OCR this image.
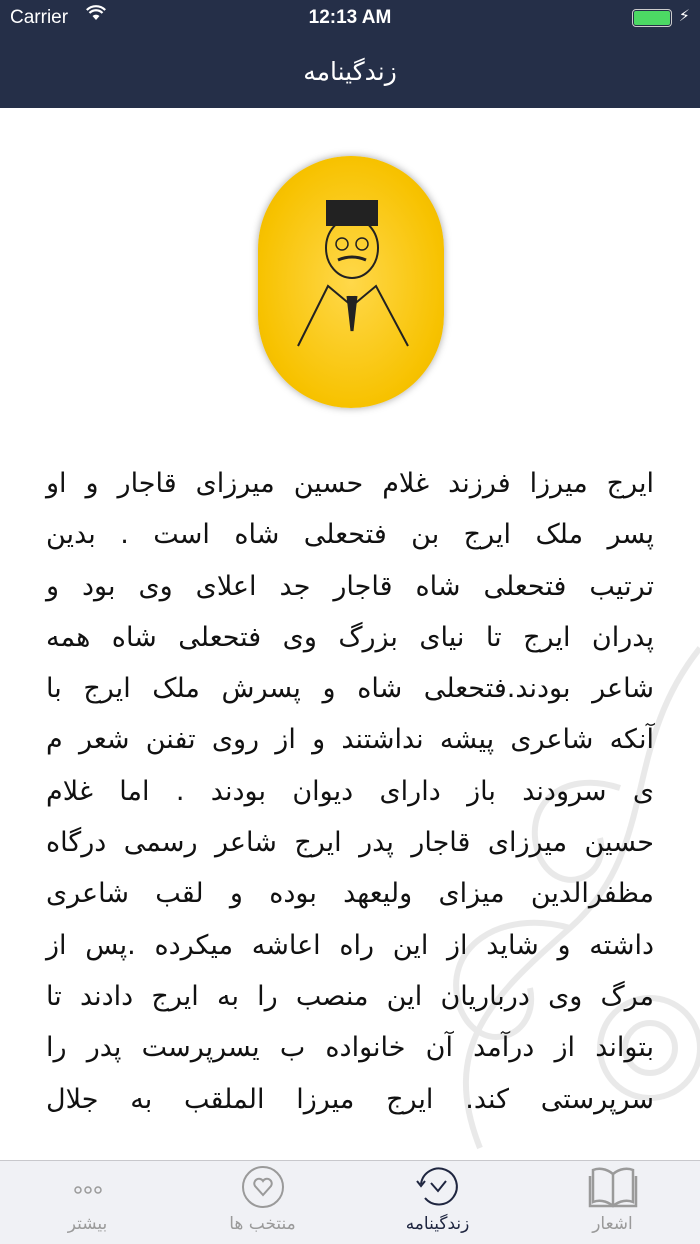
Carrier	12:13 AM	⚡︎
زندگینامه
ایرج میرزا فرزند غلام حسین میرزای قاجار و او
پسر ملک ایرج بن فتحعلی شاه است . بدین
ترتیب فتحعلی شاه قاجار جد اعلای وی بود و
پدران ایرج تا نیای بزرگ وی فتحعلی شاه همه
شاعر بودند.فتحعلی شاه و پسرش ملک ایرج با
آنکه شاعری پیشه نداشتند و از روی تفنن شعر م
ی سرودند باز دارای دیوان بودند . اما غلام
حسین میرزای قاجار پدر ایرج شاعر رسمی درگاه
مظفرالدین میزای ولیعهد بوده و لقب شاعری
داشته و شاید از این راه اعاشه میکرده .پس از
مرگ وی درباریان این منصب را به ایرج دادند تا
بتواند از درآمد آن خانواده ب یسرپرست پدر را
سرپرستی کند. ایرج میرزا الملقب به جلال
بیشتر	منتخب ها	زندگینامه	اشعار
